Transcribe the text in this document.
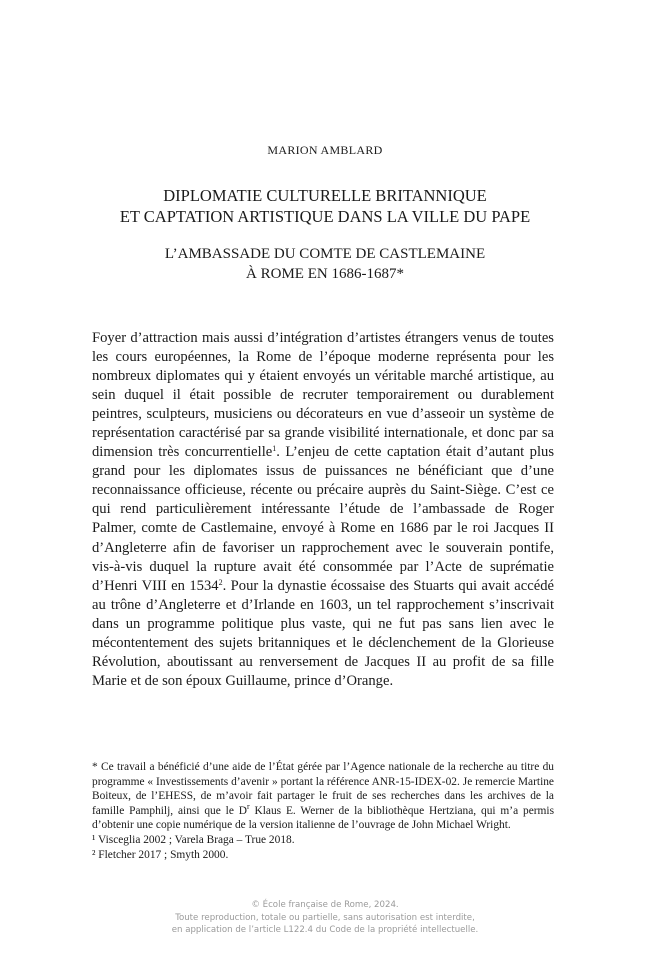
MARION AMBLARD
DIPLOMATIE CULTURELLE BRITANNIQUE
ET CAPTATION ARTISTIQUE DANS LA VILLE DU PAPE
L’AMBASSADE DU COMTE DE CASTLEMAINE
À ROME EN 1686-1687*
Foyer d’attraction mais aussi d’intégration d’artistes étrangers venus de toutes les cours européennes, la Rome de l’époque moderne représenta pour les nombreux diplomates qui y étaient envoyés un véritable marché artistique, au sein duquel il était possible de recruter temporairement ou durablement peintres, sculpteurs, musiciens ou décorateurs en vue d’asseoir un système de représentation caractérisé par sa grande visibilité internationale, et donc par sa dimension très concurrentielle$^1$. L’enjeu de cette captation était d’autant plus grand pour les diplomates issus de puissances ne bénéficiant que d’une reconnaissance officieuse, récente ou précaire auprès du Saint-Siège. C’est ce qui rend particulièrement intéressante l’étude de l’ambassade de Roger Palmer, comte de Castlemaine, envoyé à Rome en 1686 par le roi Jacques II d’Angleterre afin de favoriser un rapprochement avec le souverain pontife, vis-à-vis duquel la rupture avait été consommée par l’Acte de suprématie d’Henri VIII en 1534$^2$. Pour la dynastie écossaise des Stuarts qui avait accédé au trône d’Angleterre et d’Irlande en 1603, un tel rapprochement s’inscrivait dans un programme politique plus vaste, qui ne fut pas sans lien avec le mécontentement des sujets britanniques et le déclenchement de la Glorieuse Révolution, aboutissant au renversement de Jacques II au profit de sa fille Marie et de son époux Guillaume, prince d’Orange.

* Ce travail a bénéficié d’une aide de l’État gérée par l’Agence nationale de la recherche au titre du programme « Investissements d’avenir » portant la référence ANR-15-IDEX-02. Je remercie Martine Boiteux, de l’EHESS, de m’avoir fait partager le fruit de ses recherches dans les archives de la famille Pamphilj, ainsi que le $D^r$ Klaus E. Werner de la bibliothèque Hertziana, qui m’a permis d’obtenir une copie numérique de la version italienne de l’ouvrage de John Michael Wright.

¹ Visceglia 2002 ; Varela Braga – True 2018.

² Fletcher 2017 ; Smyth 2000.

© École française de Rome, 2024.
Toute reproduction, totale ou partielle, sans autorisation est interdite,
en application de l’article L122.4 du Code de la propriété intellectuelle.
